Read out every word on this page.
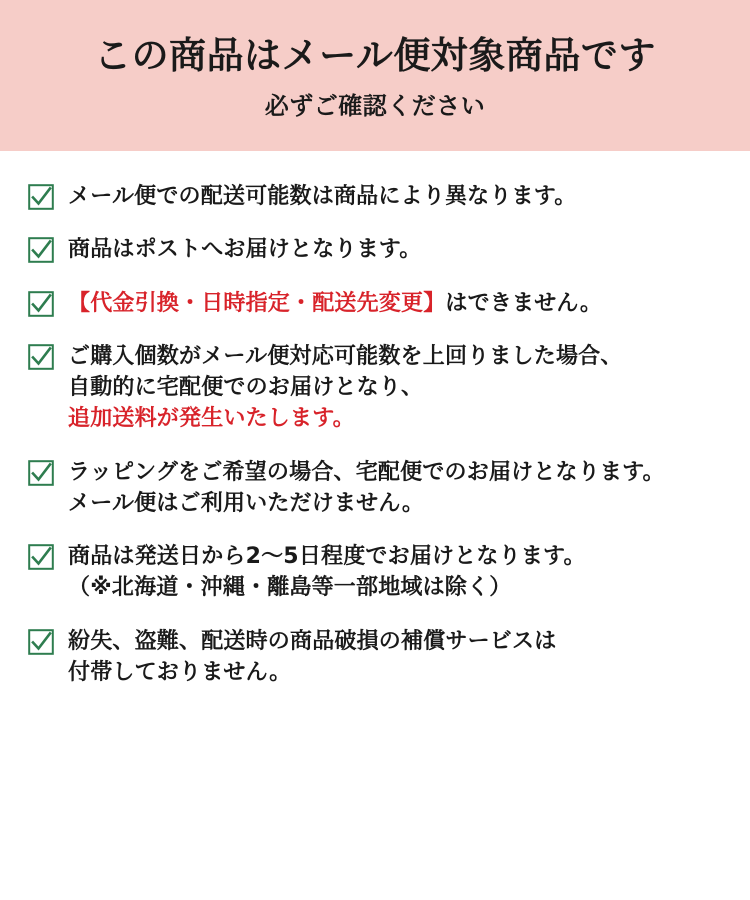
この商品はメール便対象商品です
必ずご確認ください
メール便での配送可能数は商品により異なります。
商品はポストへお届けとなります。
【代金引換・日時指定・配送先変更】はできません。
ご購入個数がメール便対応可能数を上回りました場合、
自動的に宅配便でのお届けとなり、
追加送料が発生いたします。
ラッピングをご希望の場合、宅配便でのお届けとなります。
メール便はご利用いただけません。
商品は発送日から2〜5日程度でお届けとなります。
（※北海道・沖縄・離島等一部地域は除く）
紛失、盗難、配送時の商品破損の補償サービスは
付帯しておりません。
